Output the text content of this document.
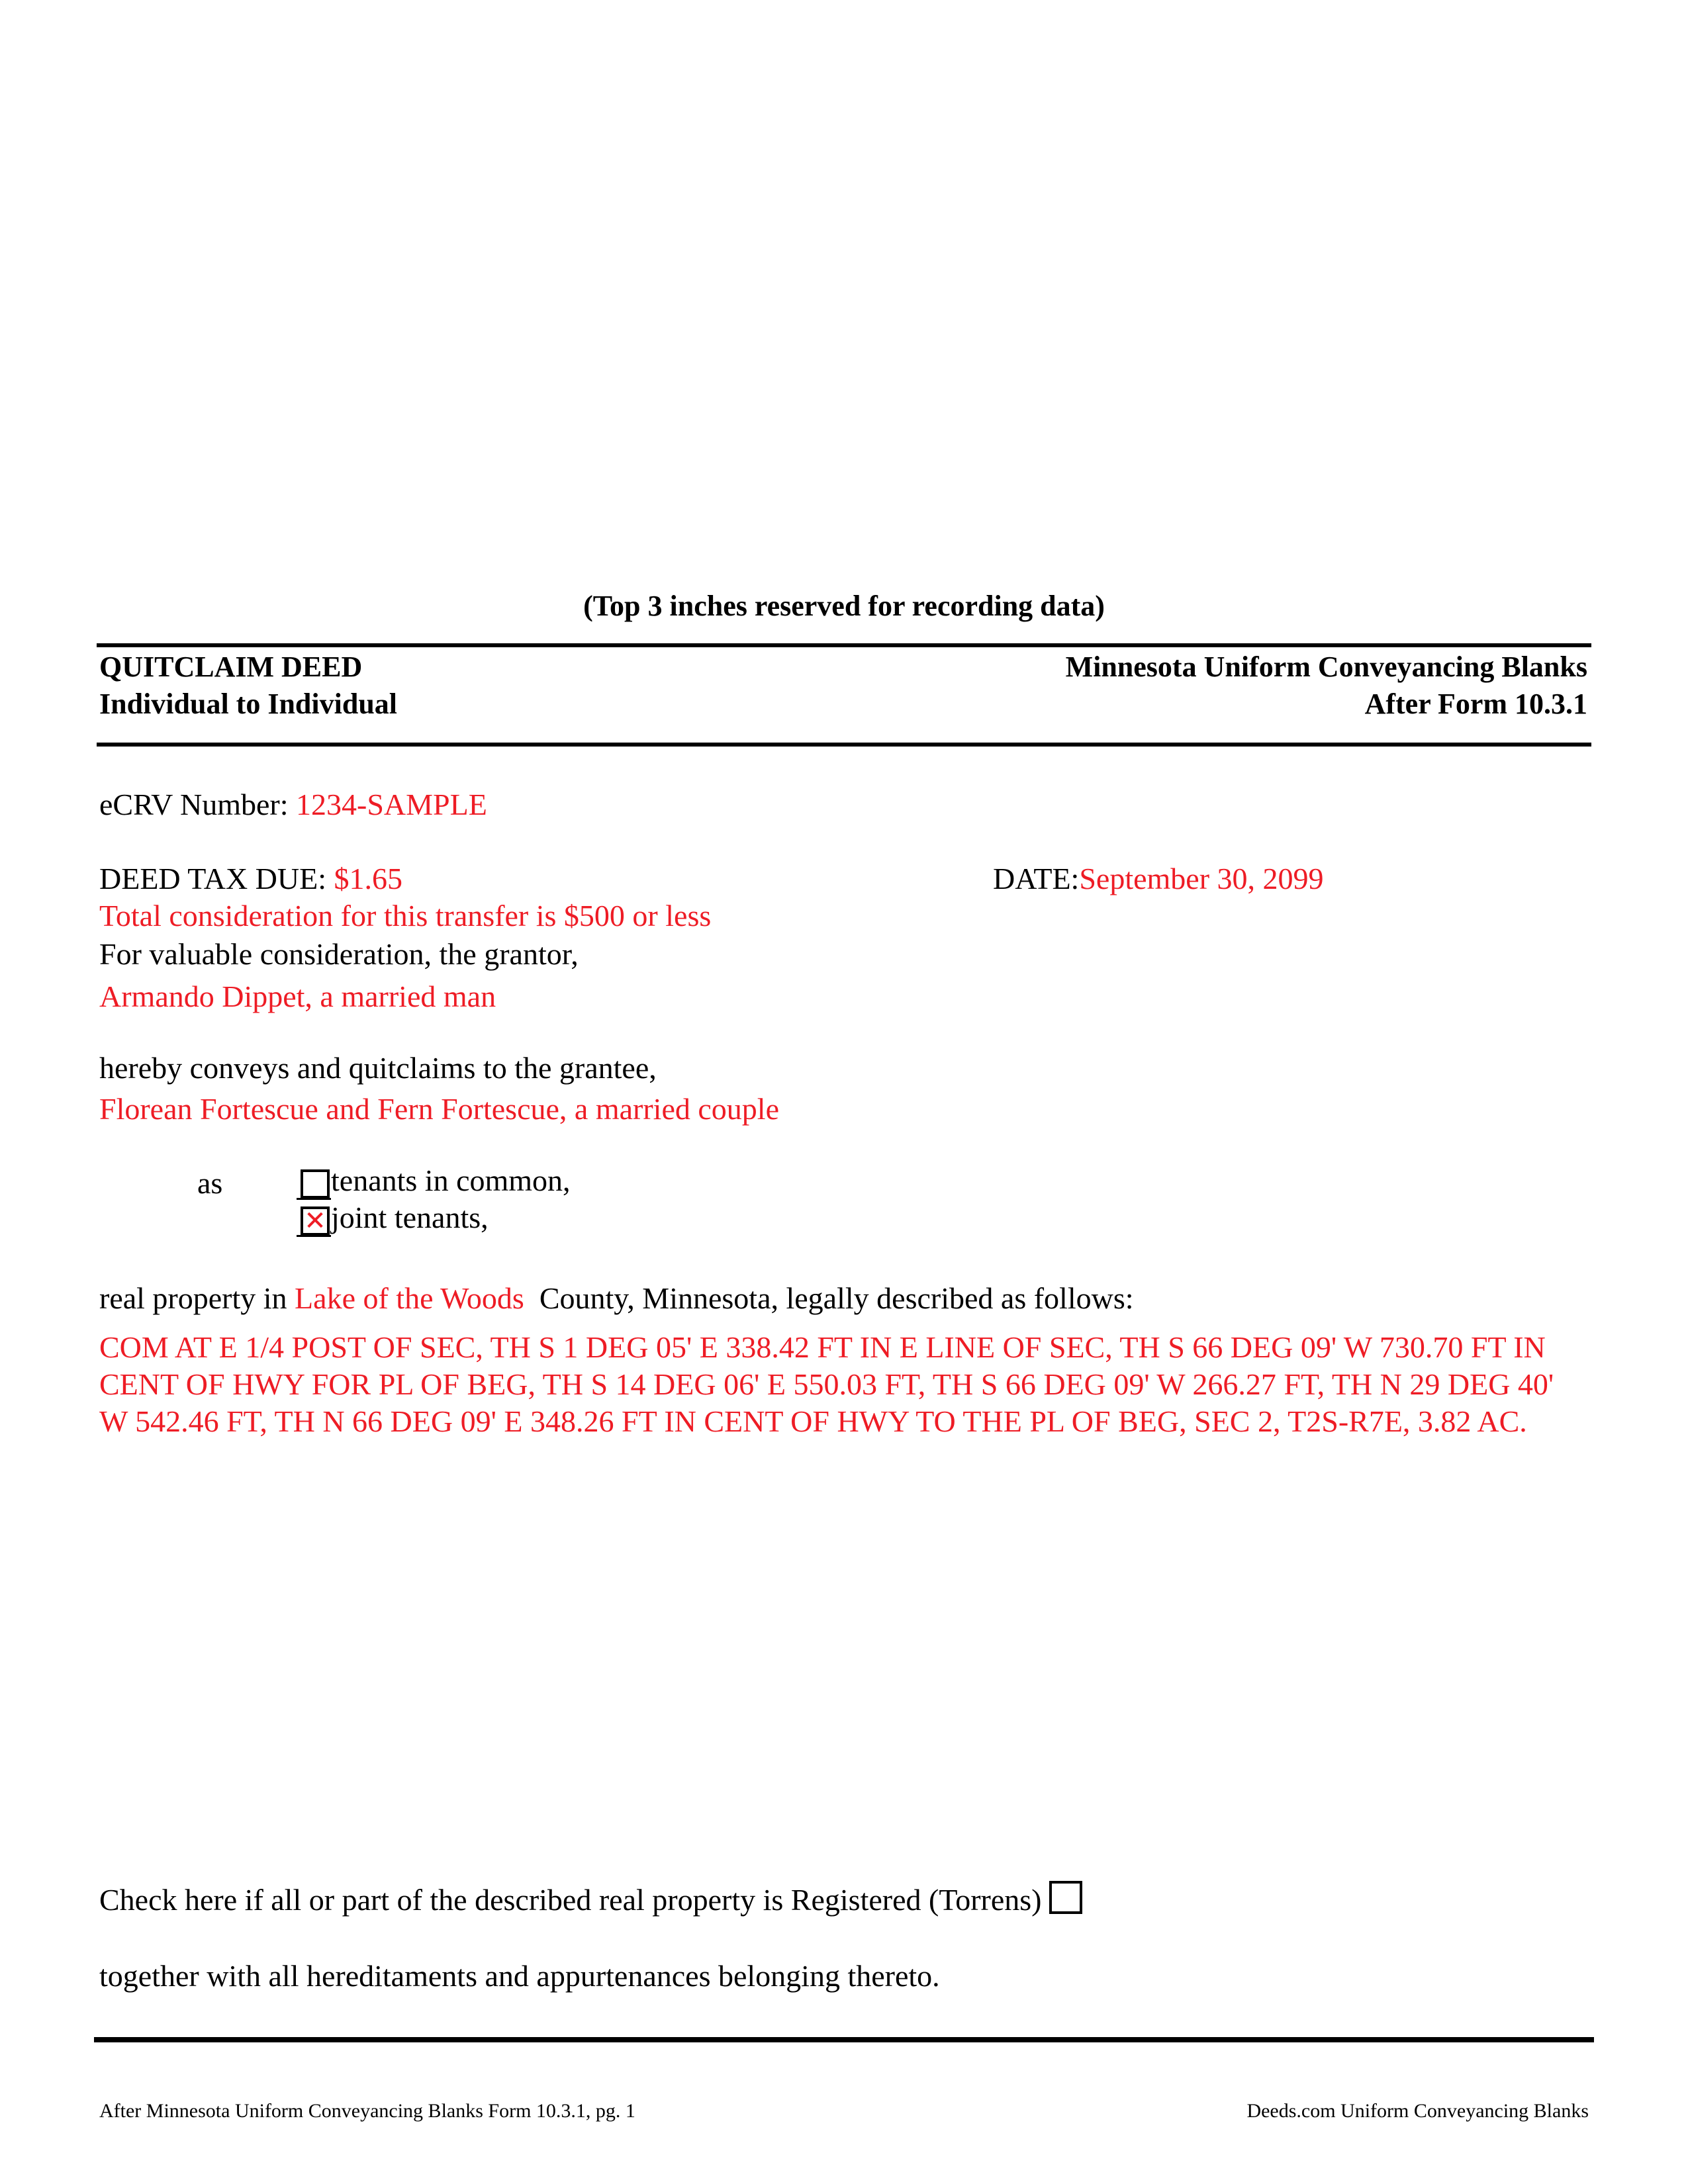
(Top 3 inches reserved for recording data)
QUITCLAIM DEED
Individual to Individual
Minnesota Uniform Conveyancing Blanks
After Form 10.3.1
eCRV Number: 1234-SAMPLE
DEED TAX DUE: $1.65	DATE:September 30, 2099
Total consideration for this transfer is $500 or less
For valuable consideration, the grantor,
Armando Dippet, a married man
hereby conveys and quitclaims to the grantee,
Florean Fortescue and Fern Fortescue, a married couple
as	tenants in common,
✕ joint tenants,
real property in Lake of the Woods County, Minnesota, legally described as follows:
COM AT E 1/4 POST OF SEC, TH S 1 DEG 05' E 338.42 FT IN E LINE OF SEC, TH S 66 DEG 09' W 730.70 FT IN CENT OF HWY FOR PL OF BEG, TH S 14 DEG 06' E 550.03 FT, TH S 66 DEG 09' W 266.27 FT, TH N 29 DEG 40' W 542.46 FT, TH N 66 DEG 09' E 348.26 FT IN CENT OF HWY TO THE PL OF BEG, SEC 2, T2S-R7E, 3.82 AC.
Check here if all or part of the described real property is Registered (Torrens)
together with all hereditaments and appurtenances belonging thereto.
After Minnesota Uniform Conveyancing Blanks Form 10.3.1, pg. 1	Deeds.com Uniform Conveyancing Blanks
